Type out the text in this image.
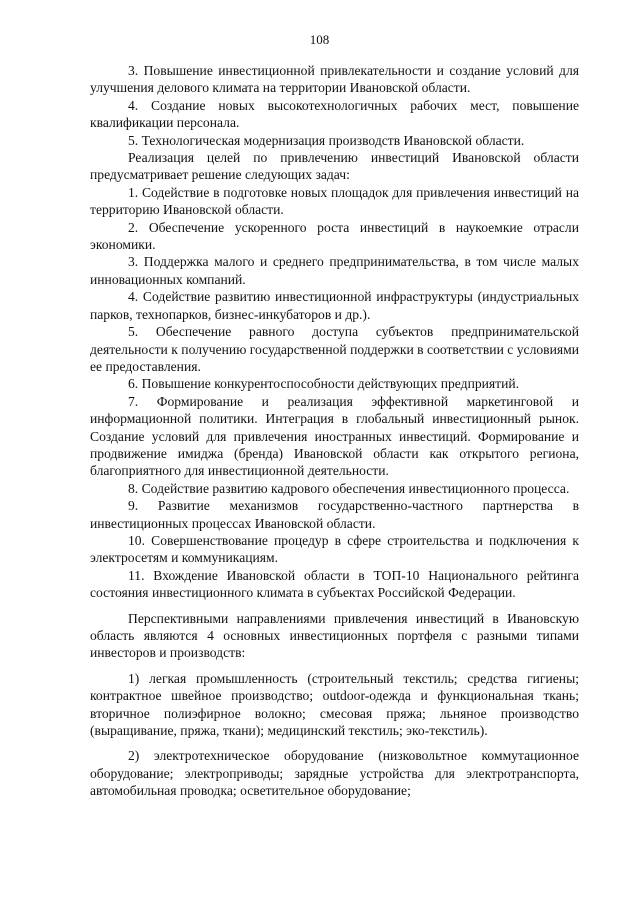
108

3. Повышение инвестиционной привлекательности и создание условий для улучшения делового климата на территории Ивановской области.

4. Создание новых высокотехнологичных рабочих мест, повышение квалификации персонала.

5. Технологическая модернизация производств Ивановской области.

Реализация целей по привлечению инвестиций Ивановской области предусматривает решение следующих задач:

1. Содействие в подготовке новых площадок для привлечения инвестиций на территорию Ивановской области.

2. Обеспечение ускоренного роста инвестиций в наукоемкие отрасли экономики.

3. Поддержка малого и среднего предпринимательства, в том числе малых инновационных компаний.

4. Содействие развитию инвестиционной инфраструктуры (индустриальных парков, технопарков, бизнес-инкубаторов и др.).

5. Обеспечение равного доступа субъектов предпринимательской деятельности к получению государственной поддержки в соответствии с условиями ее предоставления.

6. Повышение конкурентоспособности действующих предприятий.

7. Формирование и реализация эффективной маркетинговой и информационной политики. Интеграция в глобальный инвестиционный рынок. Создание условий для привлечения иностранных инвестиций. Формирование и продвижение имиджа (бренда) Ивановской области как открытого региона, благоприятного для инвестиционной деятельности.

8. Содействие развитию кадрового обеспечения инвестиционного процесса.

9. Развитие механизмов государственно-частного партнерства в инвестиционных процессах Ивановской области.

10. Совершенствование процедур в сфере строительства и подключения к электросетям и коммуникациям.

11. Вхождение Ивановской области в ТОП-10 Национального рейтинга состояния инвестиционного климата в субъектах Российской Федерации.

Перспективными направлениями привлечения инвестиций в Ивановскую область являются 4 основных инвестиционных портфеля с разными типами инвесторов и производств:

1) легкая промышленность (строительный текстиль; средства гигиены; контрактное швейное производство; outdoor-одежда и функциональная ткань; вторичное полиэфирное волокно; смесовая пряжа; льняное производство (выращивание, пряжа, ткани); медицинский текстиль; эко-текстиль).

2) электротехническое оборудование (низковольтное коммутационное оборудование; электроприводы; зарядные устройства для электротранспорта, автомобильная проводка; осветительное оборудование;
